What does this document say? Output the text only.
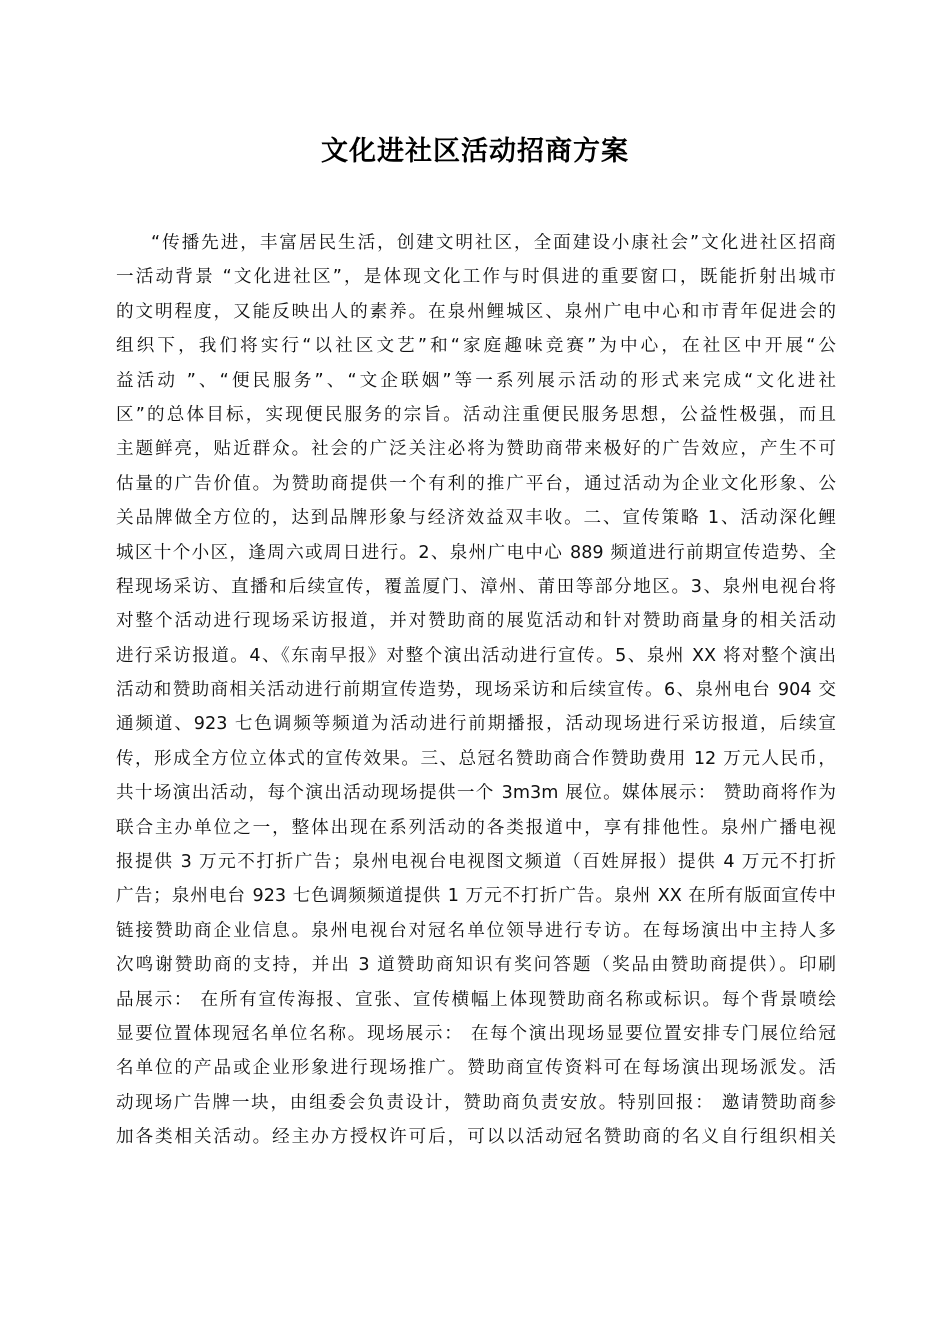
文化进社区活动招商方案
“传播先进，丰富居民生活，创建文明社区，全面建设小康社会”文化进社区招商
一活动背景 “文化进社区”，是体现文化工作与时俱进的重要窗口，既能折射出城市
的文明程度，又能反映出人的素养。在泉州鲤城区、泉州广电中心和市青年促进会的
组织下，我们将实行“以社区文艺”和“家庭趣味竞赛”为中心，在社区中开展“公
益活动 ”、“便民服务”、“文企联姻”等一系列展示活动的形式来完成“文化进社
区”的总体目标，实现便民服务的宗旨。活动注重便民服务思想，公益性极强，而且
主题鲜亮，贴近群众。社会的广泛关注必将为赞助商带来极好的广告效应，产生不可
估量的广告价值。为赞助商提供一个有利的推广平台，通过活动为企业文化形象、公
关品牌做全方位的，达到品牌形象与经济效益双丰收。二、宣传策略 1、活动深化鲤
城区十个小区，逢周六或周日进行。2、泉州广电中心 889 频道进行前期宣传造势、全
程现场采访、直播和后续宣传，覆盖厦门、漳州、莆田等部分地区。3、泉州电视台将
对整个活动进行现场采访报道，并对赞助商的展览活动和针对赞助商量身的相关活动
进行采访报道。4、《东南早报》对整个演出活动进行宣传。5、泉州 XX 将对整个演出
活动和赞助商相关活动进行前期宣传造势，现场采访和后续宣传。6、泉州电台 904 交
通频道、923 七色调频等频道为活动进行前期播报，活动现场进行采访报道，后续宣
传，形成全方位立体式的宣传效果。三、总冠名赞助商合作赞助费用 12 万元人民币，
共十场演出活动，每个演出活动现场提供一个 3m3m 展位。媒体展示： 赞助商将作为
联合主办单位之一，整体出现在系列活动的各类报道中，享有排他性。泉州广播电视
报提供 3 万元不打折广告；泉州电视台电视图文频道（百姓屏报）提供 4 万元不打折
广告；泉州电台 923 七色调频频道提供 1 万元不打折广告。泉州 XX 在所有版面宣传中
链接赞助商企业信息。泉州电视台对冠名单位领导进行专访。在每场演出中主持人多
次鸣谢赞助商的支持，并出 3 道赞助商知识有奖问答题（奖品由赞助商提供）。印刷
品展示： 在所有宣传海报、宣张、宣传横幅上体现赞助商名称或标识。每个背景喷绘
显要位置体现冠名单位名称。现场展示： 在每个演出现场显要位置安排专门展位给冠
名单位的产品或企业形象进行现场推广。赞助商宣传资料可在每场演出现场派发。活
动现场广告牌一块，由组委会负责设计，赞助商负责安放。特别回报： 邀请赞助商参
加各类相关活动。经主办方授权许可后，可以以活动冠名赞助商的名义自行组织相关
